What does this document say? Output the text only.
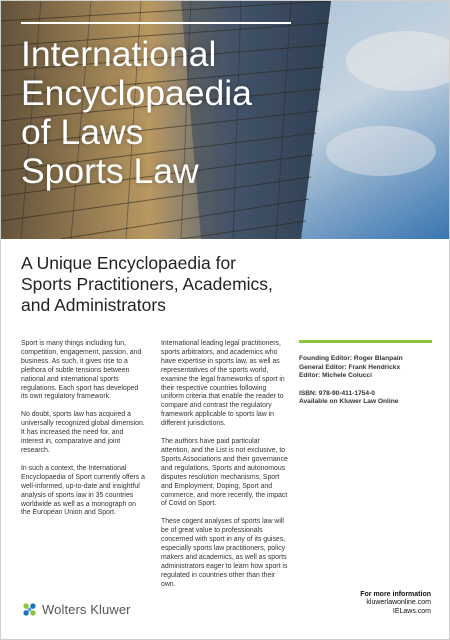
International
Encyclopaedia
of Laws
Sports Law
A Unique Encyclopaedia for
Sports Practitioners, Academics,
and Administrators

Sport is many things including fun, competition, engagement, passion, and business. As such, it gives rise to a plethora of subtle tensions between national and international sports regulations. Each sport has developed its own regulatory framework.

No doubt, sports law has acquired a universally recognized global dimension. It has increased the need for, and interest in, comparative and joint research.

In such a context, the International Encyclopaedia of Sport currently offers a well-informed, up-to-date and insightful analysis of sports law in 35 countries worldwide as well as a monograph on the European Union and Sport.

International leading legal practitioners, sports arbitrators, and academics who have expertise in sports law, as well as representatives of the sports world, examine the legal frameworks of sport in their respective countries following uniform criteria that enable the reader to compare and contrast the regulatory framework applicable to sports law in different jurisdictions.

The authors have paid particular attention, and the List is not exclusive, to Sports Associations and their governance and regulations, Sports and autonomous disputes resolution mechanisms, Sport and Employment, Doping, Sport and commerce, and more recently, the impact of Covid on Sport.

These cogent analyses of sports law will be of great value to professionals concerned with sport in any of its guises, especially sports law practitioners, policy makers and academics, as well as sports administrators eager to learn how sport is regulated in countries other than their own.

Founding Editor: Roger Blanpain
General Editor: Frank Hendrickx
Editor: Michele Colucci
ISBN: 978-90-411-1754-0
Available on Kluwer Law Online
Wolters Kluwer
For more information
kluwerlawonline.com
IELaws.com
